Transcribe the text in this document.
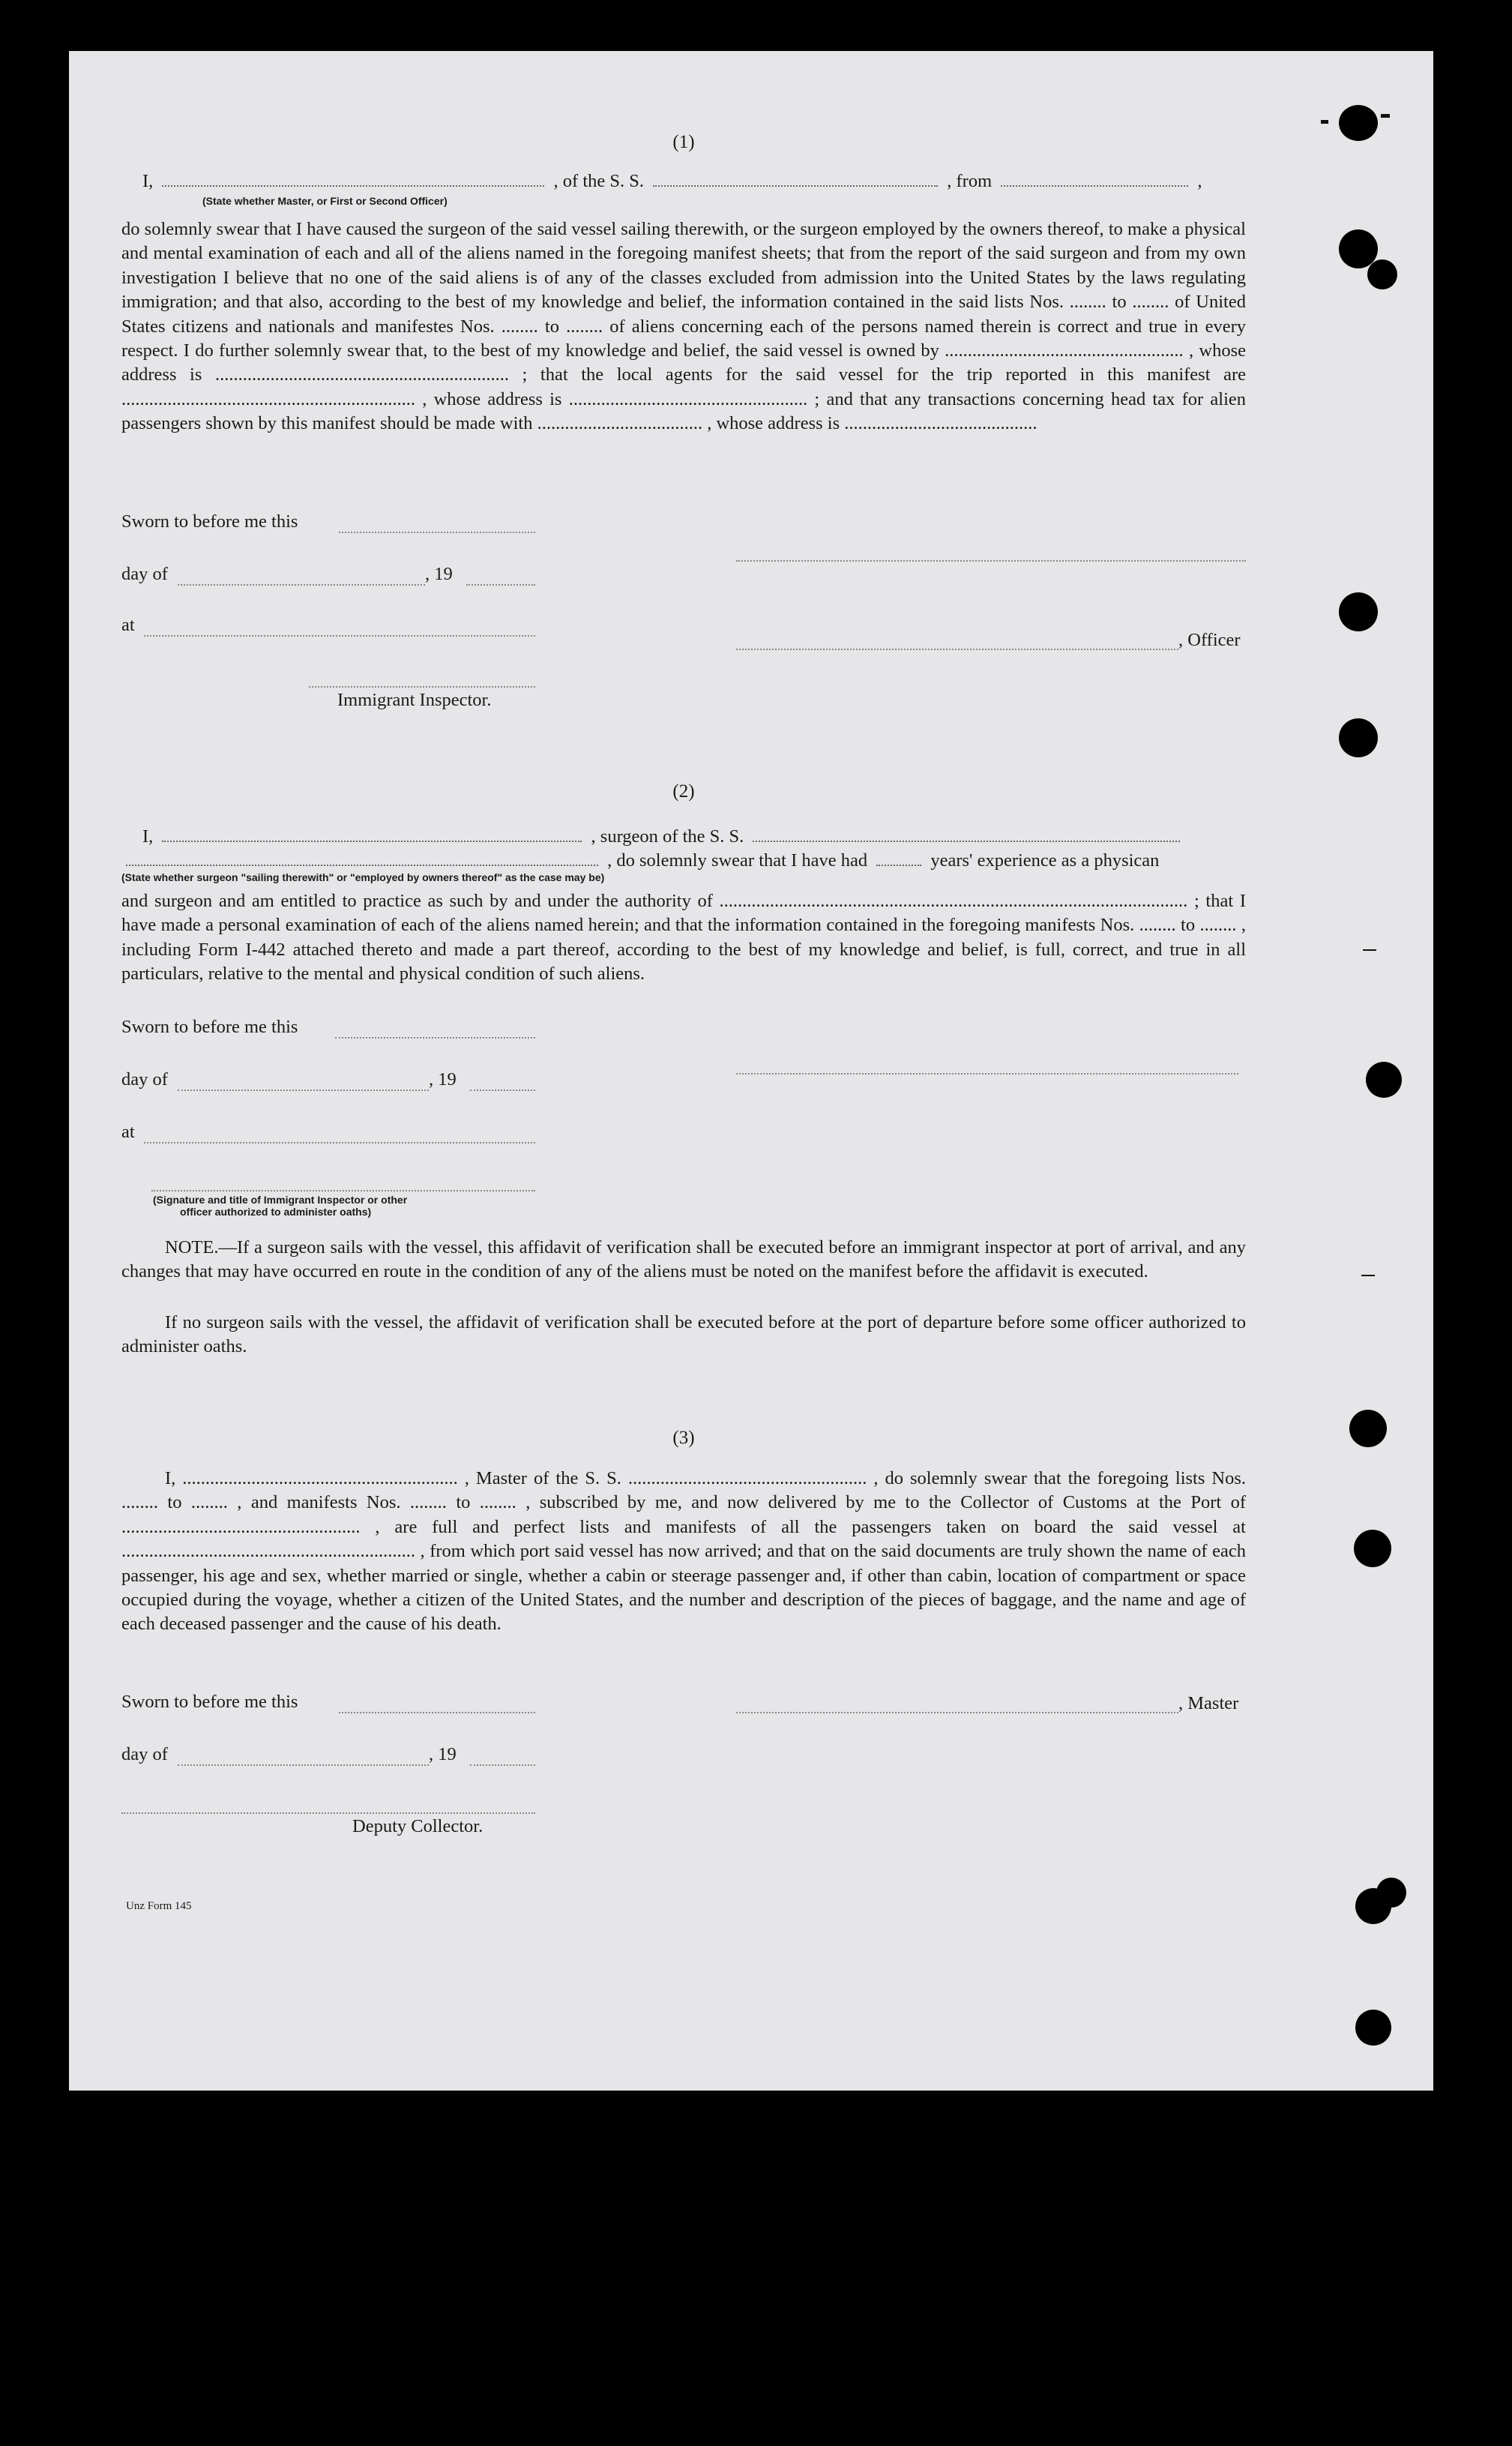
(1)
I,	, of the S. S.	, from	,
(State whether Master, or First or Second Officer)
do solemnly swear that I have caused the surgeon of the said vessel sailing therewith, or the surgeon employed by the owners thereof, to make a physical and mental examination of each and all of the aliens named in the foregoing manifest sheets; that from the report of the said surgeon and from my own investigation I believe that no one of the said aliens is of any of the classes excluded from admission into the United States by the laws regulating immigration; and that also, according to the best of my knowledge and belief, the information contained in the said lists Nos. ........ to ........ of United States citizens and nationals and manifestes Nos. ........ to ........ of aliens concerning each of the persons named therein is correct and true in every respect. I do further solemnly swear that, to the best of my knowledge and belief, the said vessel is owned by .................................................... , whose address is ................................................................ ; that the local agents for the said vessel for the trip reported in this manifest are ................................................................ , whose address is .................................................... ; and that any transactions concerning head tax for alien passengers shown by this manifest should be made with .................................... , whose address is ..........................................
Sworn to before me this
day of	, 19
at
, Officer
Immigrant Inspector.
(2)
I,	, surgeon of the S. S.
, do solemnly swear that I have had	years' experience as a physican
(State whether surgeon "sailing therewith" or "employed by owners thereof" as the case may be)
and surgeon and am entitled to practice as such by and under the authority of ...................................................................................................... ; that I have made a personal examination of each of the aliens named herein; and that the information contained in the foregoing manifests Nos. ........ to ........ , including Form I-442 attached thereto and made a part thereof, according to the best of my knowledge and belief, is full, correct, and true in all particulars, relative to the mental and physical condition of such aliens.
Sworn to before me this
day of	, 19
at
(Signature and title of Immigrant Inspector or other
officer authorized to administer oaths)
NOTE.—If a surgeon sails with the vessel, this affidavit of verification shall be executed before an immigrant inspector at port of arrival, and any changes that may have occurred en route in the condition of any of the aliens must be noted on the manifest before the affidavit is executed.
If no surgeon sails with the vessel, the affidavit of verification shall be executed before at the port of departure before some officer authorized to administer oaths.
(3)
I, ............................................................ , Master of the S. S. .................................................... , do solemnly swear that the foregoing lists Nos. ........ to ........ , and manifests Nos. ........ to ........ , subscribed by me, and now delivered by me to the Collector of Customs at the Port of .................................................... , are full and perfect lists and manifests of all the passengers taken on board the said vessel at ................................................................ , from which port said vessel has now arrived; and that on the said documents are truly shown the name of each passenger, his age and sex, whether married or single, whether a cabin or steerage passenger and, if other than cabin, location of compartment or space occupied during the voyage, whether a citizen of the United States, and the number and description of the pieces of baggage, and the name and age of each deceased passenger and the cause of his death.
Sworn to before me this	, Master
day of	, 19
Deputy Collector.
Unz Form 145
